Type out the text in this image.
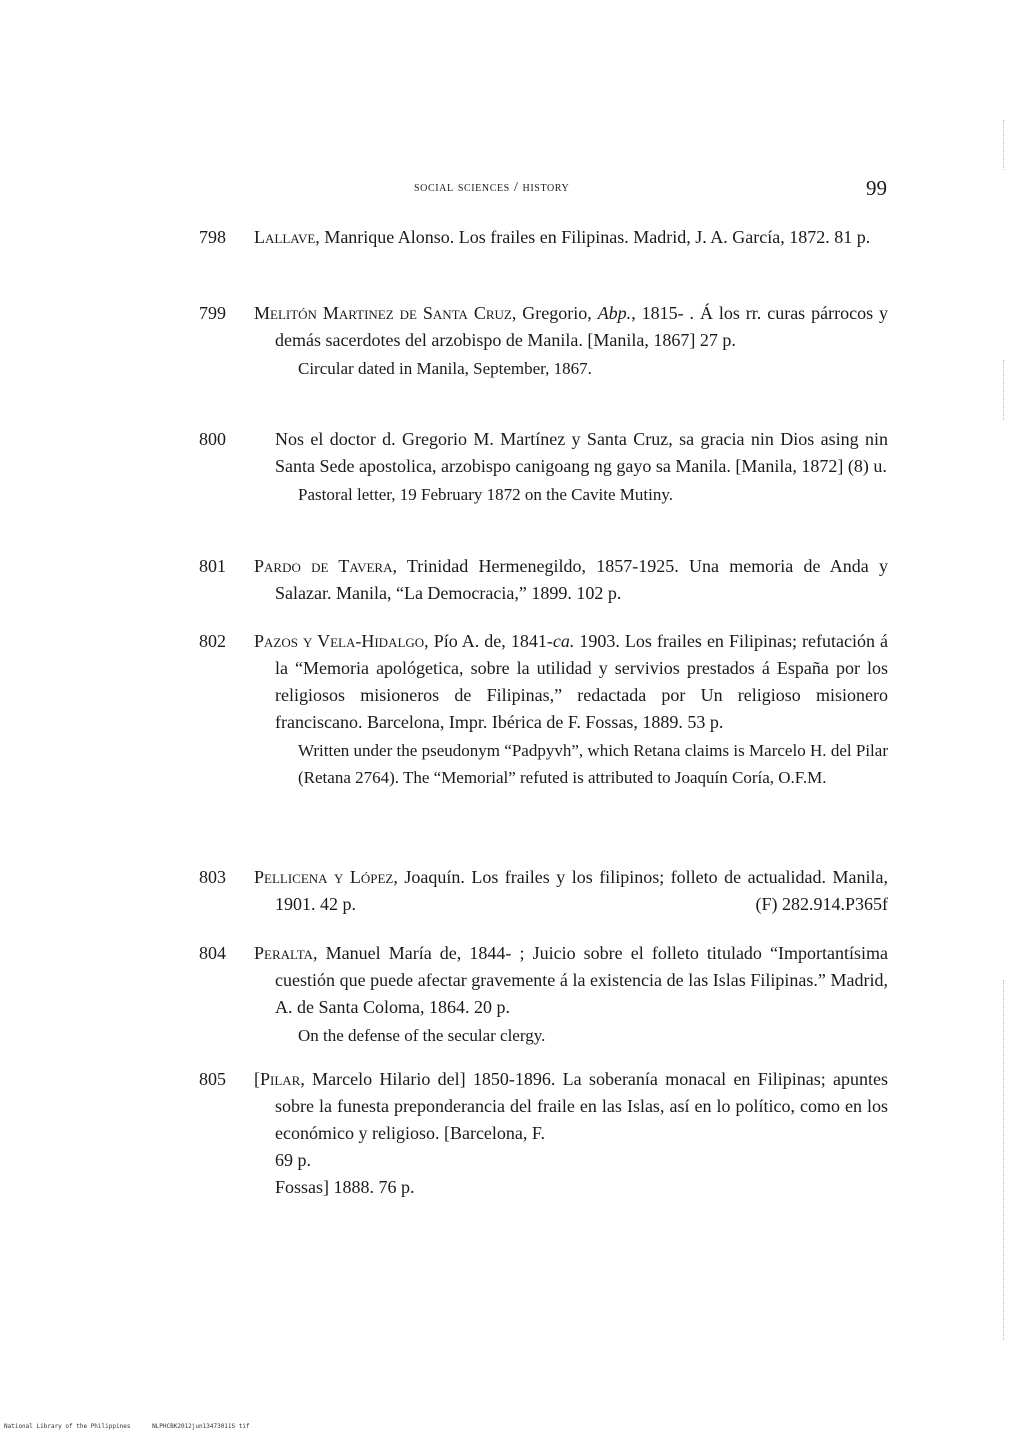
social sciences / history	99
798 Lallave, Manrique Alonso. Los frailes en Filipinas. Madrid, J. A. García, 1872. 81 p.

799 Melitón Martinez de Santa Cruz, Gregorio, Abp., 1815- . Á los rr. curas párrocos y demás sacerdotes del arzobispo de Manila. [Manila, 1867] 27 p.

Circular dated in Manila, September, 1867.

800	Nos el doctor d. Gregorio M. Martínez y Santa Cruz, sa gracia nin Dios asing nin Santa Sede apostolica, arzobispo canigoang ng gayo sa Manila. [Manila, 1872] (8) u.

Pastoral letter, 19 February 1872 on the Cavite Mutiny.

801 Pardo de Tavera, Trinidad Hermenegildo, 1857-1925. Una memoria de Anda y Salazar. Manila, “La Democracia,” 1899. 102 p.

802 Pazos y Vela-Hidalgo, Pío A. de, 1841-ca. 1903. Los frailes en Filipinas; refutación á la “Memoria apológetica, sobre la utilidad y servivios prestados á España por los religiosos misioneros de Filipinas,” redactada por Un religioso misionero franciscano. Barcelona, Impr. Ibérica de F. Fossas, 1889. 53 p.

Written under the pseudonym “Padpyvh”, which Retana claims is Marcelo H. del Pilar (Retana 2764). The “Memorial” refuted is attributed to Joaquín Coría, O.F.M.

803 Pellicena y López, Joaquín. Los frailes y los filipinos; folleto de actualidad. Manila, 1901. 42 p.	(F) 282.914.P365f

804 Peralta, Manuel María de, 1844- ; Juicio sobre el folleto titulado “Importantísima cuestión que puede afectar gravemente á la existencia de las Islas Filipinas.” Madrid, A. de Santa Coloma, 1864. 20 p.

On the defense of the secular clergy.

805 [Pilar, Marcelo Hilario del] 1850-1896. La soberanía monacal en Filipinas; apuntes sobre la funesta preponderancia del fraile en las Islas, así en lo político, como en los económico y religioso. [Barcelona, F.
69 p.
Fossas] 1888. 76 p.

National Library of the Philippines	NLPHCBK2012jun13473011S tif
